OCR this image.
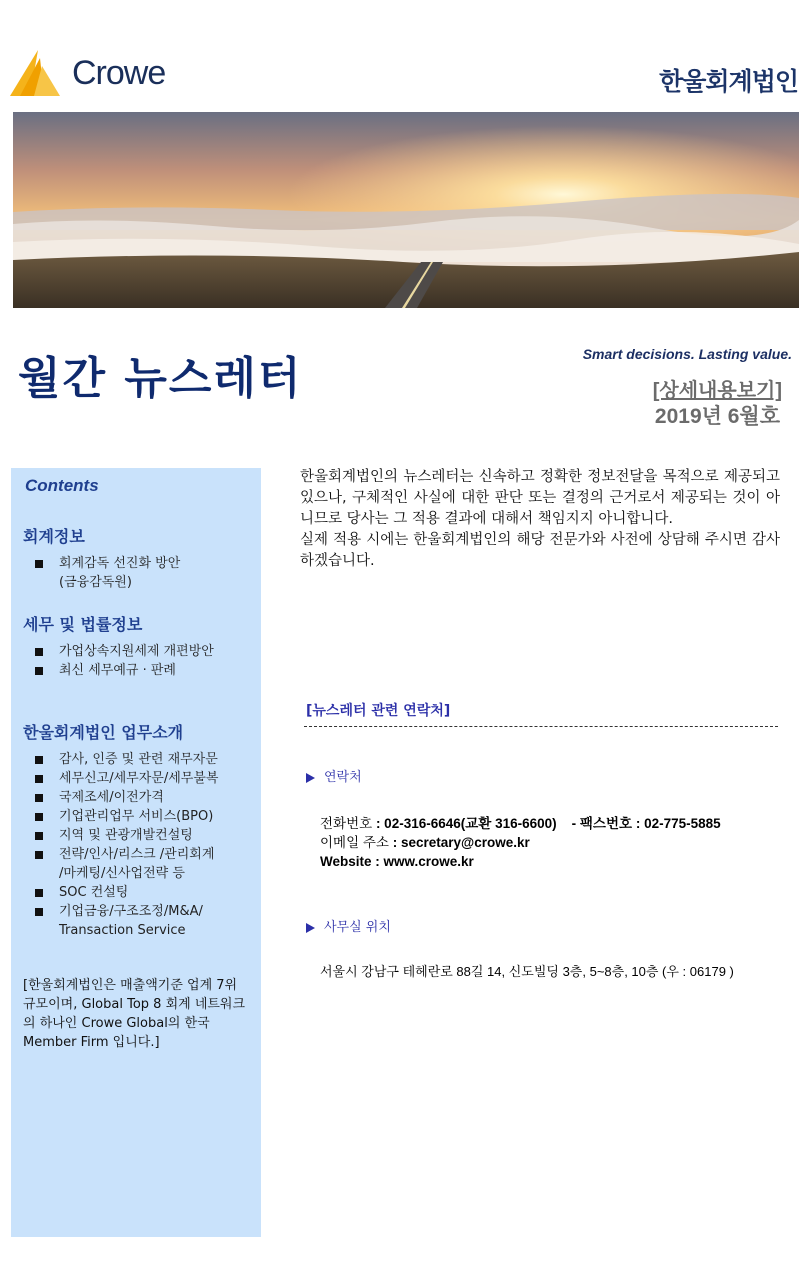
Crowe	한울회계법인
월간 뉴스레터	Smart decisions. Lasting value.
[상세내용보기]
2019년 6월호
Contents
회계정보
회계감독 선진화 방안
(금융감독원)
세무 및 법률정보
가업상속지원세제 개편방안
최신 세무예규 · 판례
한울회계법인 업무소개
감사, 인증 및 관련 재무자문
세무신고/세무자문/세무불복
국제조세/이전가격
기업관리업무 서비스(BPO)
지역 및 관광개발컨설팅
전략/인사/리스크 /관리회계
/마케팅/신사업전략 등
SOC 컨설팅
기업금융/구조조정/M&A/
Transaction Service
[한울회계법인은 매출액기준 업계 7위 규모이며, Global Top 8 회계 네트워크의 하나인 Crowe Global의 한국 Member Firm 입니다.]

한울회계법인의 뉴스레터는 신속하고 정확한 정보전달을 목적으로 제공되고 있으나, 구체적인 사실에 대한 판단 또는 결정의 근거로서 제공되는 것이 아니므로 당사는 그 적용 결과에 대해서 책임지지 아니합니다.

실제 적용 시에는 한울회계법인의 해당 전문가와 사전에 상담해 주시면 감사하겠습니다.

[뉴스레터 관련 연락처]
연락처
전화번호 : 02-316-6646(교환 316-6600) - 팩스번호 : 02-775-5885
이메일 주소 : secretary@crowe.kr
Website : www.crowe.kr
사무실 위치
서울시 강남구 테헤란로 88길 14, 신도빌딩 3층, 5~8층, 10층 (우 : 06179 )
